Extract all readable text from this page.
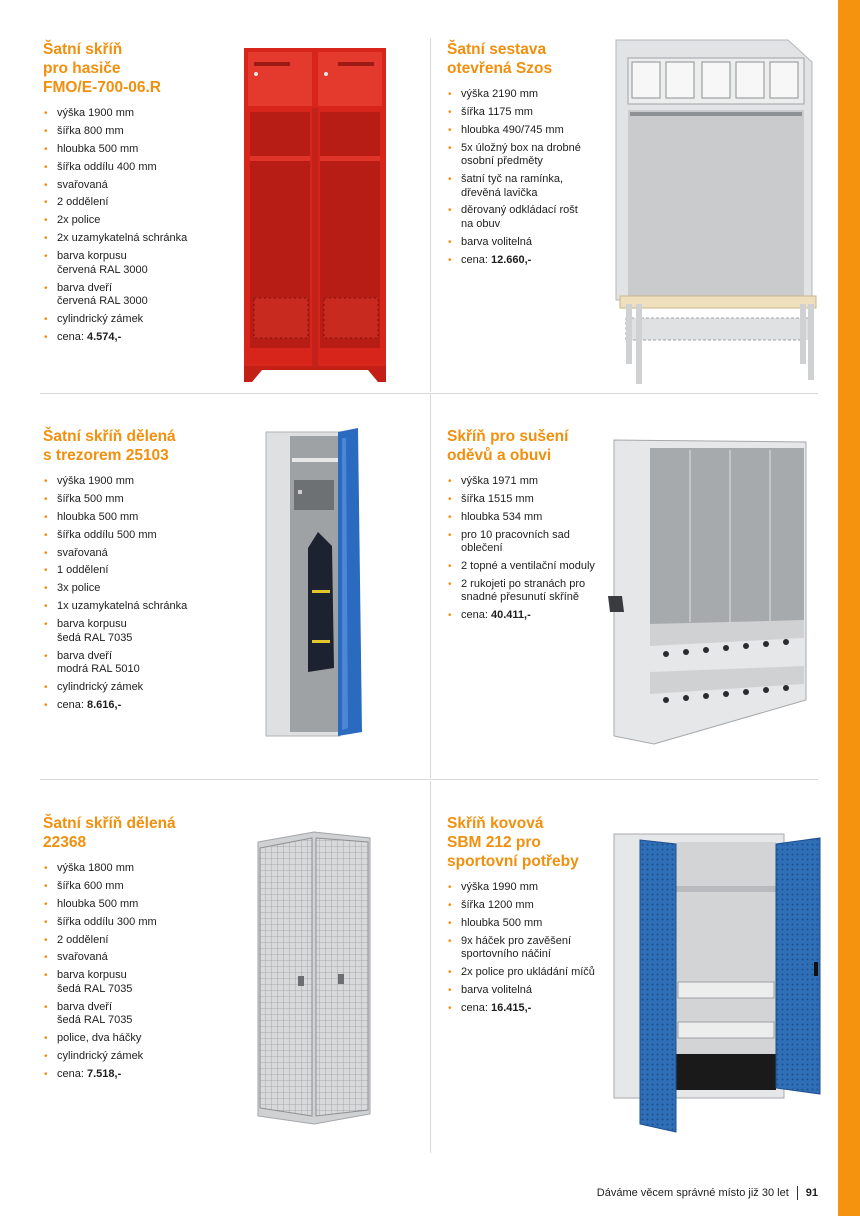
Šatní skříň
pro hasiče
FMO/E-700-06.R
• výška 1900 mm
• šířka 800 mm
• hloubka 500 mm
• šířka oddílu 400 mm
• svařovaná
• 2 oddělení
• 2x police
• 2x uzamykatelná schránka
• barva korpusu
červená RAL 3000
• barva dveří
červená RAL 3000
• cylindrický zámek
• cena: 4.574,-
Šatní sestava
otevřená Szos
• výška 2190 mm
• šířka 1175 mm
• hloubka 490/745 mm
• 5x úložný box na drobné
osobní předměty
• šatní tyč na ramínka,
dřevěná lavička
• děrovaný odkládací rošt
na obuv
• barva volitelná
• cena: 12.660,-
Šatní skříň dělená
s trezorem 25103
• výška 1900 mm
• šířka 500 mm
• hloubka 500 mm
• šířka oddílu 500 mm
• svařovaná
• 1 oddělení
• 3x police
• 1x uzamykatelná schránka
• barva korpusu
šedá RAL 7035
• barva dveří
modrá RAL 5010
• cylindrický zámek
• cena: 8.616,-
Skříň pro sušení
oděvů a obuvi
• výška 1971 mm
• šířka 1515 mm
• hloubka 534 mm
• pro 10 pracovních sad
oblečení
• 2 topné a ventilační moduly
• 2 rukojeti po stranách pro
snadné přesunutí skříně
• cena: 40.411,-
Šatní skříň dělená
22368
• výška 1800 mm
• šířka 600 mm
• hloubka 500 mm
• šířka oddílu 300 mm
• 2 oddělení
• svařovaná
• barva korpusu
šedá RAL 7035
• barva dveří
šedá RAL 7035
• police, dva háčky
• cylindrický zámek
• cena: 7.518,-
Skříň kovová
SBM 212 pro
sportovní potřeby
• výška 1990 mm
• šířka 1200 mm
• hloubka 500 mm
• 9x háček pro zavěšení
sportovního náčiní
• 2x police pro ukládání míčů
• barva volitelná
• cena: 16.415,-
Dáváme věcem správné místo již 30 let 91
